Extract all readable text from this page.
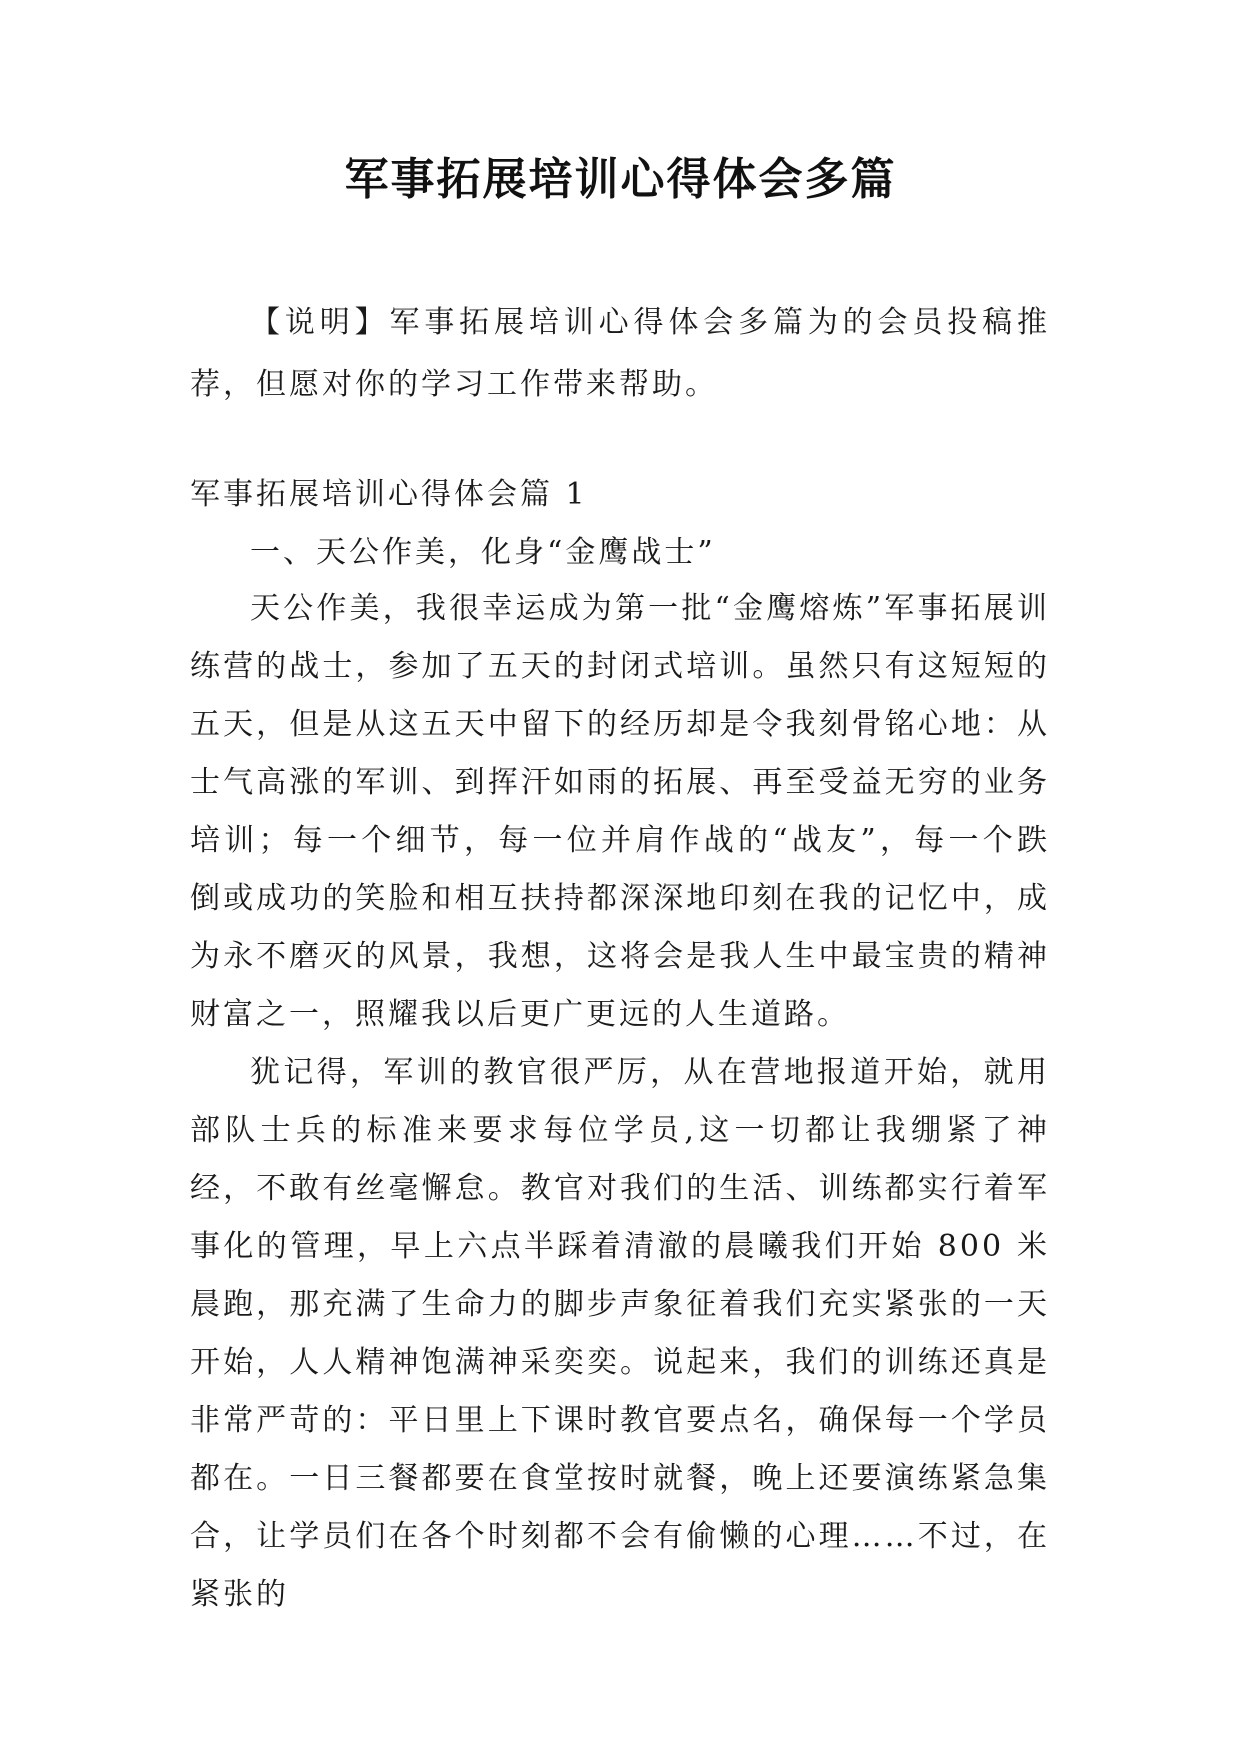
军事拓展培训心得体会多篇

【说明】军事拓展培训心得体会多篇为的会员投稿推荐，但愿对你的学习工作带来帮助。

军事拓展培训心得体会篇 1

一、天公作美，化身“金鹰战士”

天公作美，我很幸运成为第一批“金鹰熔炼”军事拓展训练营的战士，参加了五天的封闭式培训。虽然只有这短短的五天，但是从这五天中留下的经历却是令我刻骨铭心地：从士气高涨的军训、到挥汗如雨的拓展、再至受益无穷的业务培训；每一个细节，每一位并肩作战的“战友”，每一个跌倒或成功的笑脸和相互扶持都深深地印刻在我的记忆中，成为永不磨灭的风景，我想，这将会是我人生中最宝贵的精神财富之一，照耀我以后更广更远的人生道路。

犹记得，军训的教官很严厉，从在营地报道开始，就用部队士兵的标准来要求每位学员,这一切都让我绷紧了神经，不敢有丝毫懈怠。教官对我们的生活、训练都实行着军事化的管理，早上六点半踩着清澈的晨曦我们开始 800 米晨跑，那充满了生命力的脚步声象征着我们充实紧张的一天开始，人人精神饱满神采奕奕。说起来，我们的训练还真是非常严苛的：平日里上下课时教官要点名，确保每一个学员都在。一日三餐都要在食堂按时就餐，晚上还要演练紧急集合，让学员们在各个时刻都不会有偷懒的心理……不过，在紧张的
